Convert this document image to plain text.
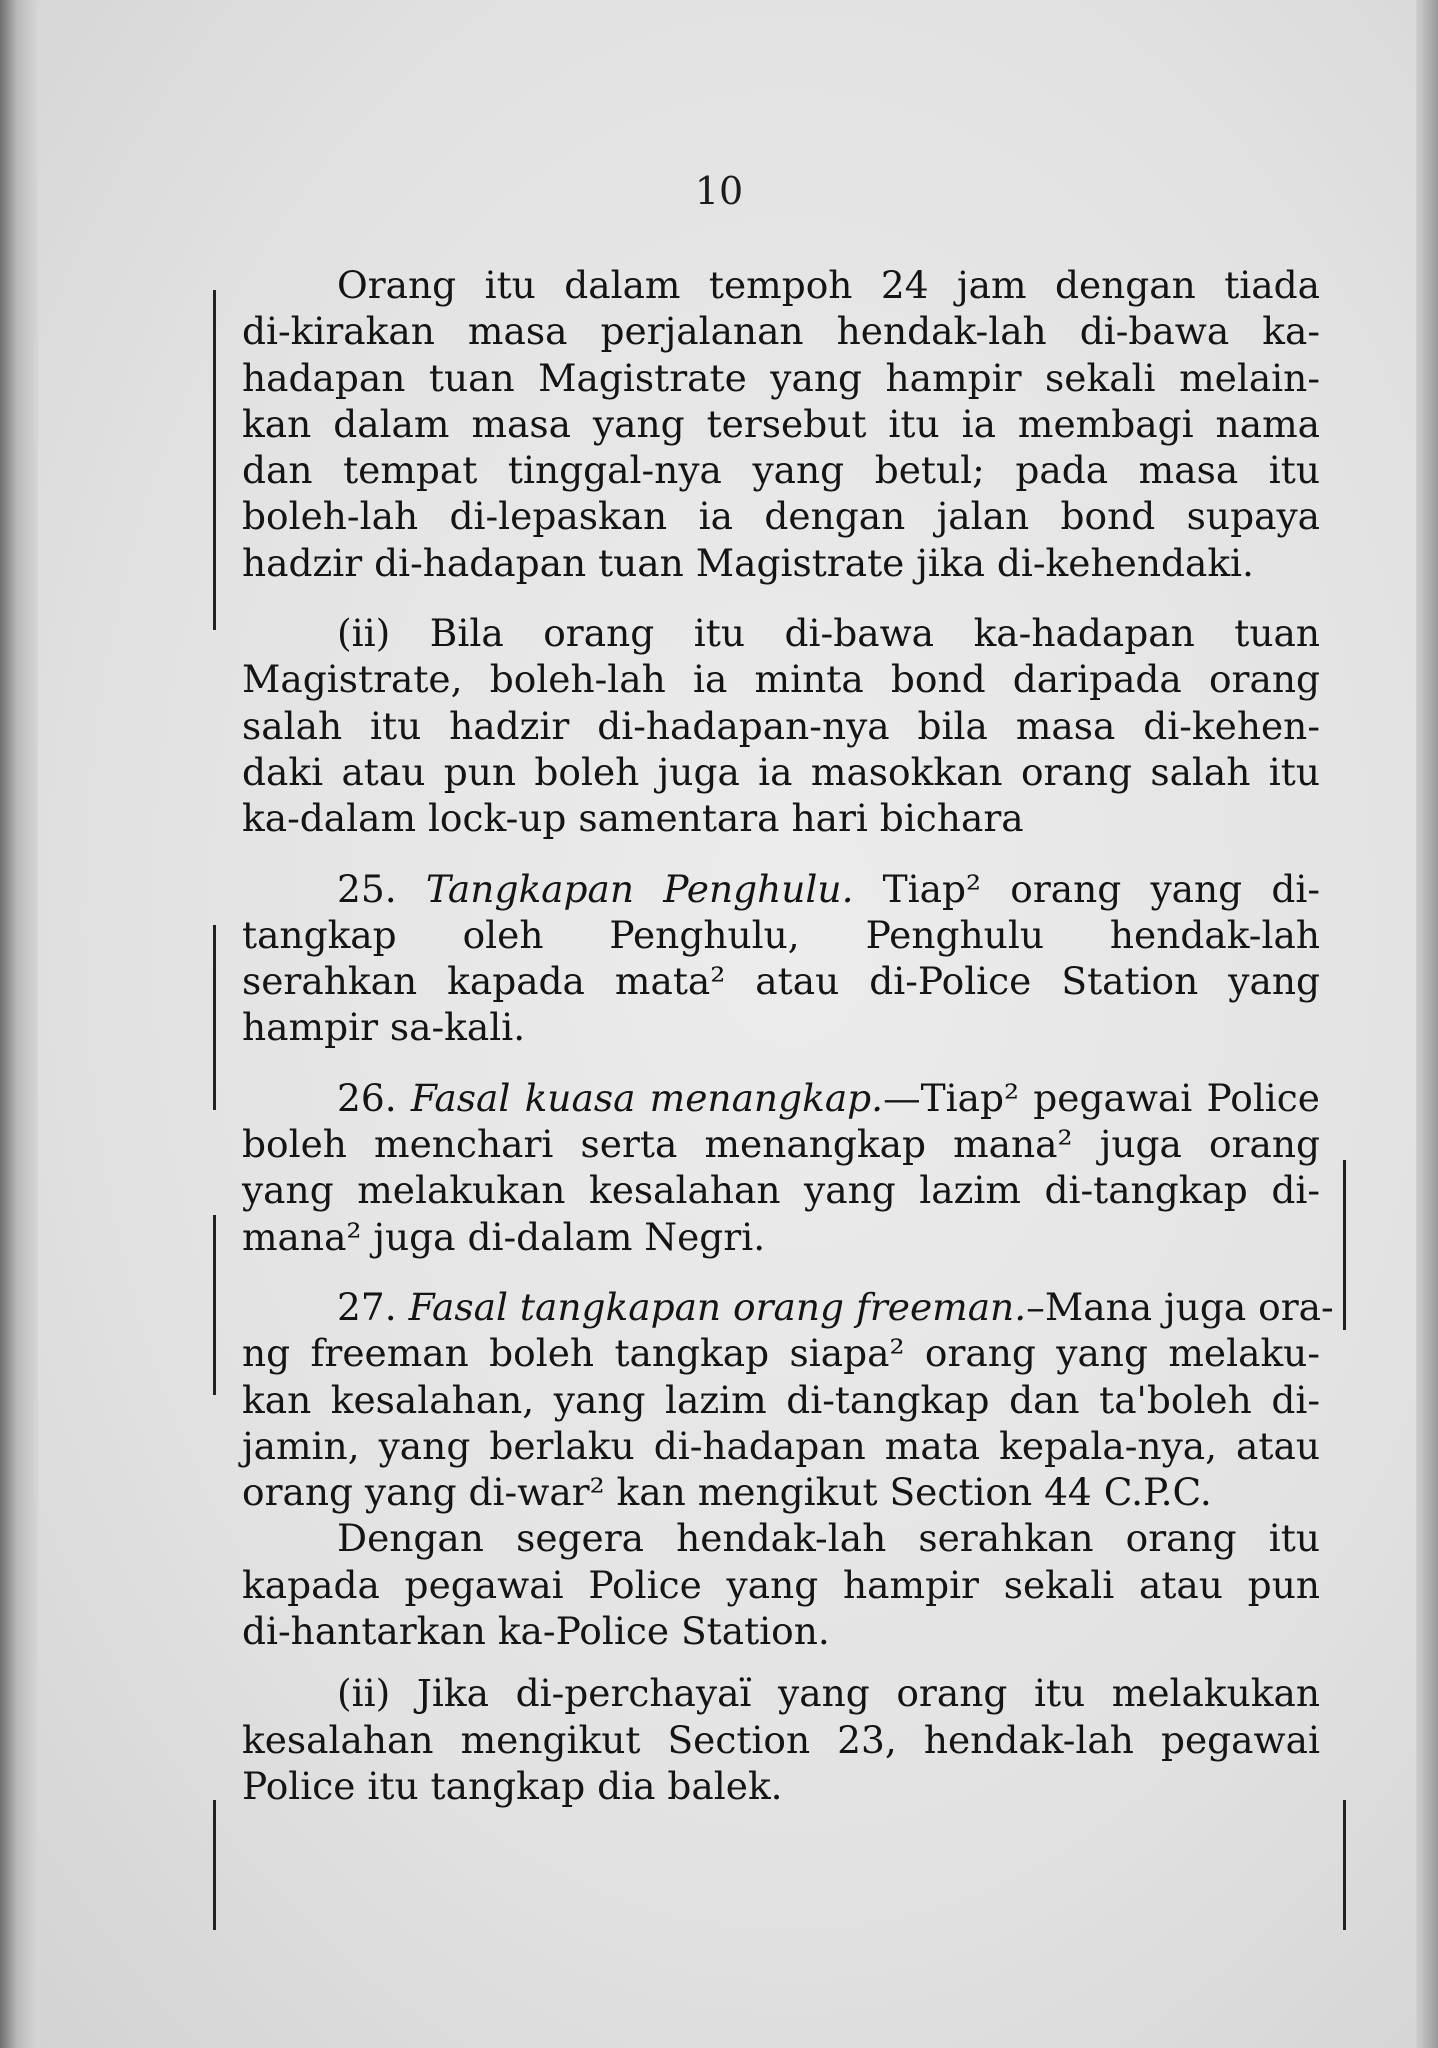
10
Orang itu dalam tempoh 24 jam dengan tiada
di-kirakan masa perjalanan hendak-lah di-bawa ka-
hadapan tuan Magistrate yang hampir sekali melain-
kan dalam masa yang tersebut itu ia membagi nama
dan tempat tinggal-nya yang betul; pada masa itu
boleh-lah di-lepaskan ia dengan jalan bond supaya
hadzir di-hadapan tuan Magistrate jika di-kehendaki.
(ii) Bila orang itu di-bawa ka-hadapan tuan
Magistrate, boleh-lah ia minta bond daripada orang
salah itu hadzir di-hadapan-nya bila masa di-kehen-
daki atau pun boleh juga ia masokkan orang salah itu
ka-dalam lock-up samentara hari bichara
25. Tangkapan Penghulu. Tiap² orang yang di-
tangkap oleh Penghulu, Penghulu hendak-lah
serahkan kapada mata² atau di-Police Station yang
hampir sa-kali.
26. Fasal kuasa menangkap.—Tiap² pegawai Police
boleh menchari serta menangkap mana² juga orang
yang melakukan kesalahan yang lazim di-tangkap di-
mana² juga di-dalam Negri.
27. Fasal tangkapan orang freeman.–Mana juga ora-
ng freeman boleh tangkap siapa² orang yang melaku-
kan kesalahan, yang lazim di-tangkap dan ta'boleh di-
jamin, yang berlaku di-hadapan mata kepala-nya, atau
orang yang di-war² kan mengikut Section 44 C.P.C.
Dengan segera hendak-lah serahkan orang itu
kapada pegawai Police yang hampir sekali atau pun
di-hantarkan ka-Police Station.
(ii) Jika di-perchayaï yang orang itu melakukan
kesalahan mengikut Section 23, hendak-lah pegawai
Police itu tangkap dia balek.
